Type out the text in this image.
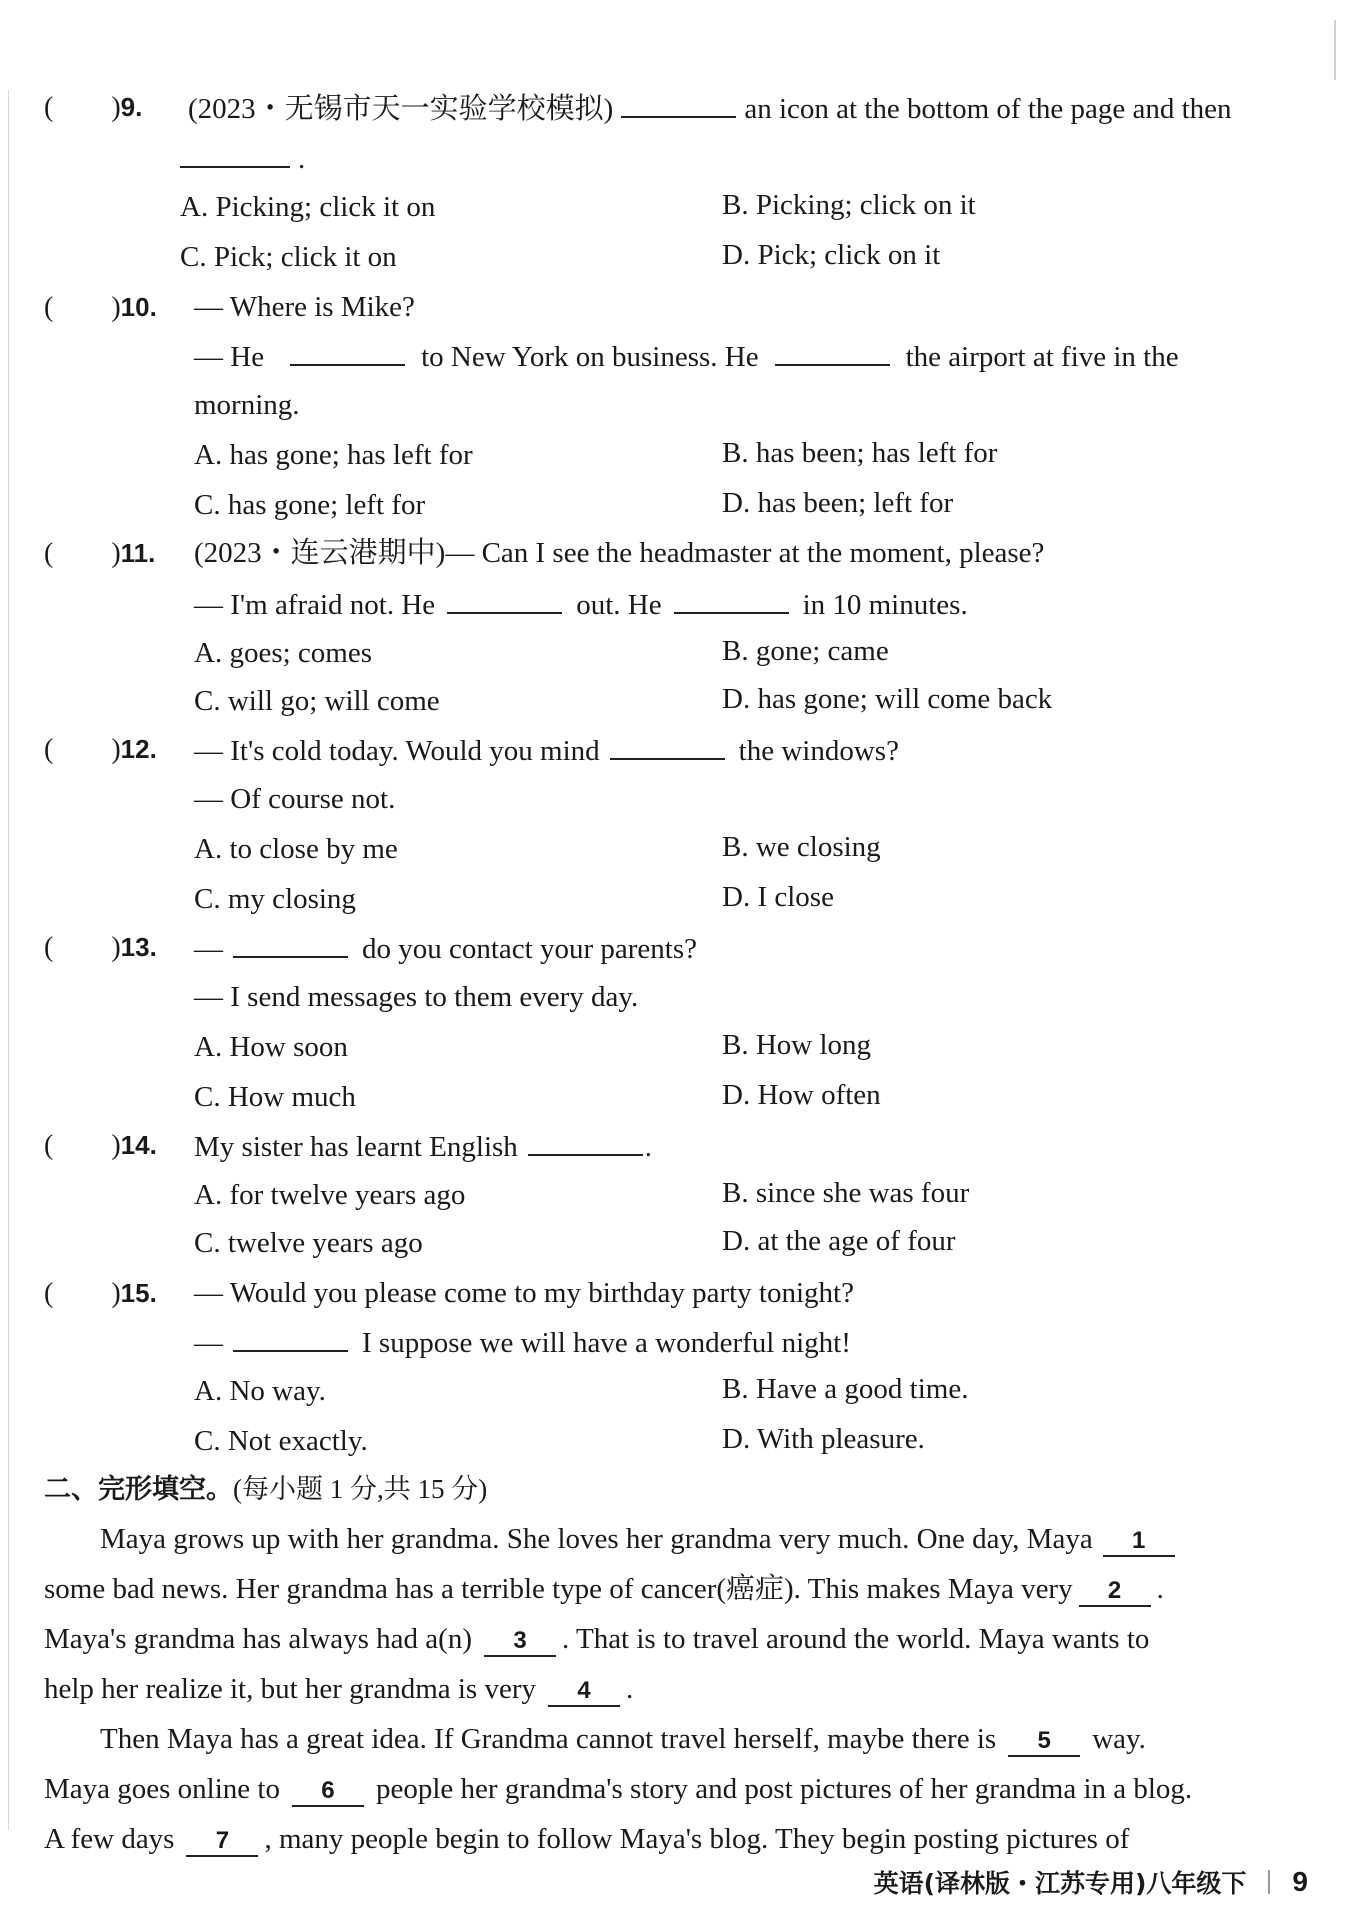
( )9. (2023・无锡市天一实验学校模拟)	an icon at the bottom of the page and then
.
A. Picking; click it on	B. Picking; click on it
C. Pick; click it on	D. Pick; click on it
( )10. — Where is Mike?
— He	to New York on business. He	the airport at five in the
morning.
A. has gone; has left for	B. has been; has left for
C. has gone; left for	D. has been; left for
( )11. (2023・连云港期中)— Can I see the headmaster at the moment, please?
— I'm afraid not. He	out. He	in 10 minutes.
A. goes; comes	B. gone; came
C. will go; will come	D. has gone; will come back
( )12. — It's cold today. Would you mind	the windows?
— Of course not.
A. to close by me	B. we closing
C. my closing	D. I close
( )13. —	do you contact your parents?
— I send messages to them every day.
A. How soon	B. How long
C. How much	D. How often
( )14. My sister has learnt English	.
A. for twelve years ago	B. since she was four
C. twelve years ago	D. at the age of four
( )15. — Would you please come to my birthday party tonight?
—	I suppose we will have a wonderful night!
A. No way.	B. Have a good time.
C. Not exactly.	D. With pleasure.
二、完形填空。(每小题 1 分,共 15 分)
Maya grows up with her grandma. She loves her grandma very much. One day, Maya 1
some bad news. Her grandma has a terrible type of cancer(癌症). This makes Maya very 2 .
Maya's grandma has always had a(n) 3 . That is to travel around the world. Maya wants to
help her realize it, but her grandma is very 4 .
Then Maya has a great idea. If Grandma cannot travel herself, maybe there is 5 way.
Maya goes online to 6 people her grandma's story and post pictures of her grandma in a blog.
A few days 7 , many people begin to follow Maya's blog. They begin posting pictures of
英语(译林版・江苏专用)八年级下 9
